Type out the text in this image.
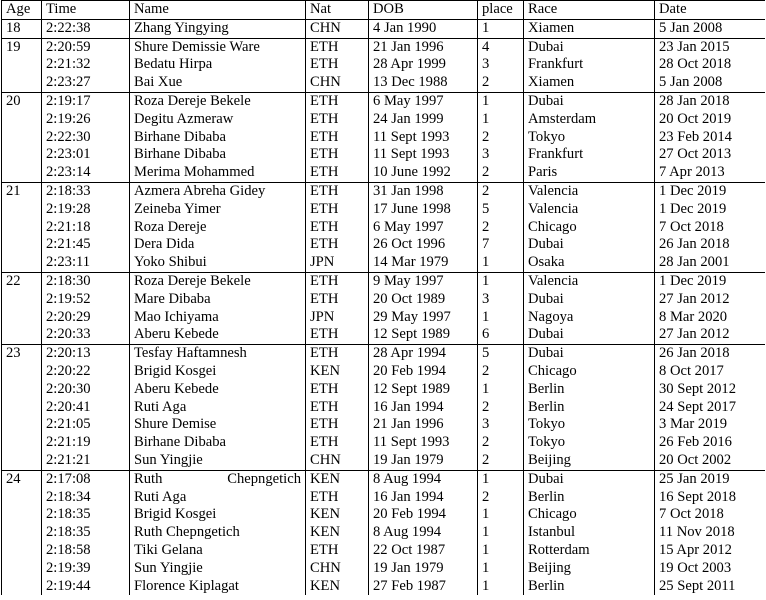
Age	Time	Name	Nat	DOB	place	Race	Date
18	2:22:38	Zhang Yingying	CHN	4 Jan 1990	1	Xiamen	5 Jan 2008
19	2:20:59	Shure Demissie Ware	ETH	21 Jan 1996	4	Dubai	23 Jan 2015
	2:21:32	Bedatu Hirpa	ETH	28 Apr 1999	3	Frankfurt	28 Oct 2018
	2:23:27	Bai Xue	CHN	13 Dec 1988	2	Xiamen	5 Jan 2008
20	2:19:17	Roza Dereje Bekele	ETH	6 May 1997	1	Dubai	28 Jan 2018
	2:19:26	Degitu Azmeraw	ETH	24 Jan 1999	1	Amsterdam	20 Oct 2019
	2:22:30	Birhane Dibaba	ETH	11 Sept 1993	2	Tokyo	23 Feb 2014
	2:23:01	Birhane Dibaba	ETH	11 Sept 1993	3	Frankfurt	27 Oct 2013
	2:23:14	Merima Mohammed	ETH	10 June 1992	2	Paris	7 Apr 2013
21	2:18:33	Azmera Abreha Gidey	ETH	31 Jan 1998	2	Valencia	1 Dec 2019
	2:19:28	Zeineba Yimer	ETH	17 June 1998	5	Valencia	1 Dec 2019
	2:21:18	Roza Dereje	ETH	6 May 1997	2	Chicago	7 Oct 2018
	2:21:45	Dera Dida	ETH	26 Oct 1996	7	Dubai	26 Jan 2018
	2:23:11	Yoko Shibui	JPN	14 Mar 1979	1	Osaka	28 Jan 2001
22	2:18:30	Roza Dereje Bekele	ETH	9 May 1997	1	Valencia	1 Dec 2019
	2:19:52	Mare Dibaba	ETH	20 Oct 1989	3	Dubai	27 Jan 2012
	2:20:29	Mao Ichiyama	JPN	29 May 1997	1	Nagoya	8 Mar 2020
	2:20:33	Aberu Kebede	ETH	12 Sept 1989	6	Dubai	27 Jan 2012
23	2:20:13	Tesfay Haftamnesh	ETH	28 Apr 1994	5	Dubai	26 Jan 2018
	2:20:22	Brigid Kosgei	KEN	20 Feb 1994	2	Chicago	8 Oct 2017
	2:20:30	Aberu Kebede	ETH	12 Sept 1989	1	Berlin	30 Sept 2012
	2:20:41	Ruti Aga	ETH	16 Jan 1994	2	Berlin	24 Sept 2017
	2:21:05	Shure Demise	ETH	21 Jan 1996	3	Tokyo	3 Mar 2019
	2:21:19	Birhane Dibaba	ETH	11 Sept 1993	2	Tokyo	26 Feb 2016
	2:21:21	Sun Yingjie	CHN	19 Jan 1979	2	Beijing	20 Oct 2002
24	2:17:08	Ruth Chepngetich	KEN	8 Aug 1994	1	Dubai	25 Jan 2019
	2:18:34	Ruti Aga	ETH	16 Jan 1994	2	Berlin	16 Sept 2018
	2:18:35	Brigid Kosgei	KEN	20 Feb 1994	1	Chicago	7 Oct 2018
	2:18:35	Ruth Chepngetich	KEN	8 Aug 1994	1	Istanbul	11 Nov 2018
	2:18:58	Tiki Gelana	ETH	22 Oct 1987	1	Rotterdam	15 Apr 2012
	2:19:39	Sun Yingjie	CHN	19 Jan 1979	1	Beijing	19 Oct 2003
	2:19:44	Florence Kiplagat	KEN	27 Feb 1987	1	Berlin	25 Sept 2011
